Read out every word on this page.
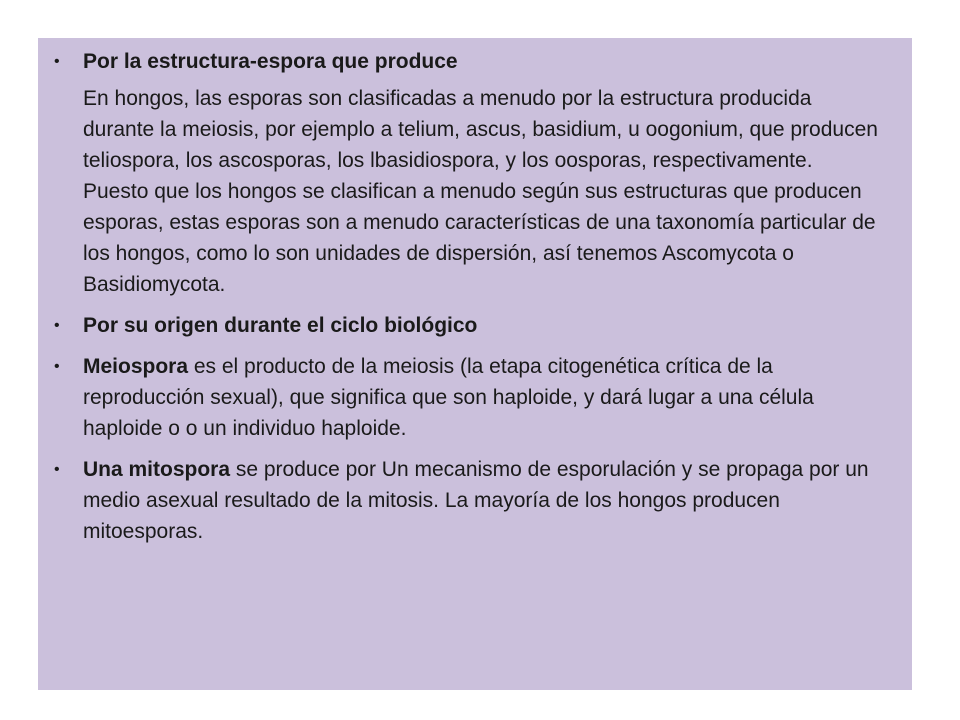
• Por la estructura-espora que produce
En hongos, las esporas son clasificadas a menudo por la estructura producida durante la meiosis, por ejemplo a telium, ascus, basidium, u oogonium, que producen teliospora, los ascosporas, los lbasidiospora, y los oosporas, respectivamente. Puesto que los hongos se clasifican a menudo según sus estructuras que producen esporas, estas esporas son a menudo características de una taxonomía particular de los hongos, como lo son unidades de dispersión, así tenemos Ascomycota o Basidiomycota.
• Por su origen durante el ciclo biológico
• Meiospora es el producto de la meiosis (la etapa citogenética crítica de la reproducción sexual), que significa que son haploide, y dará lugar a una célula haploide o o un individuo haploide.
• Una mitospora se produce por Un mecanismo de esporulación y se propaga por un medio asexual resultado de la mitosis. La mayoría de los hongos producen mitoesporas.
